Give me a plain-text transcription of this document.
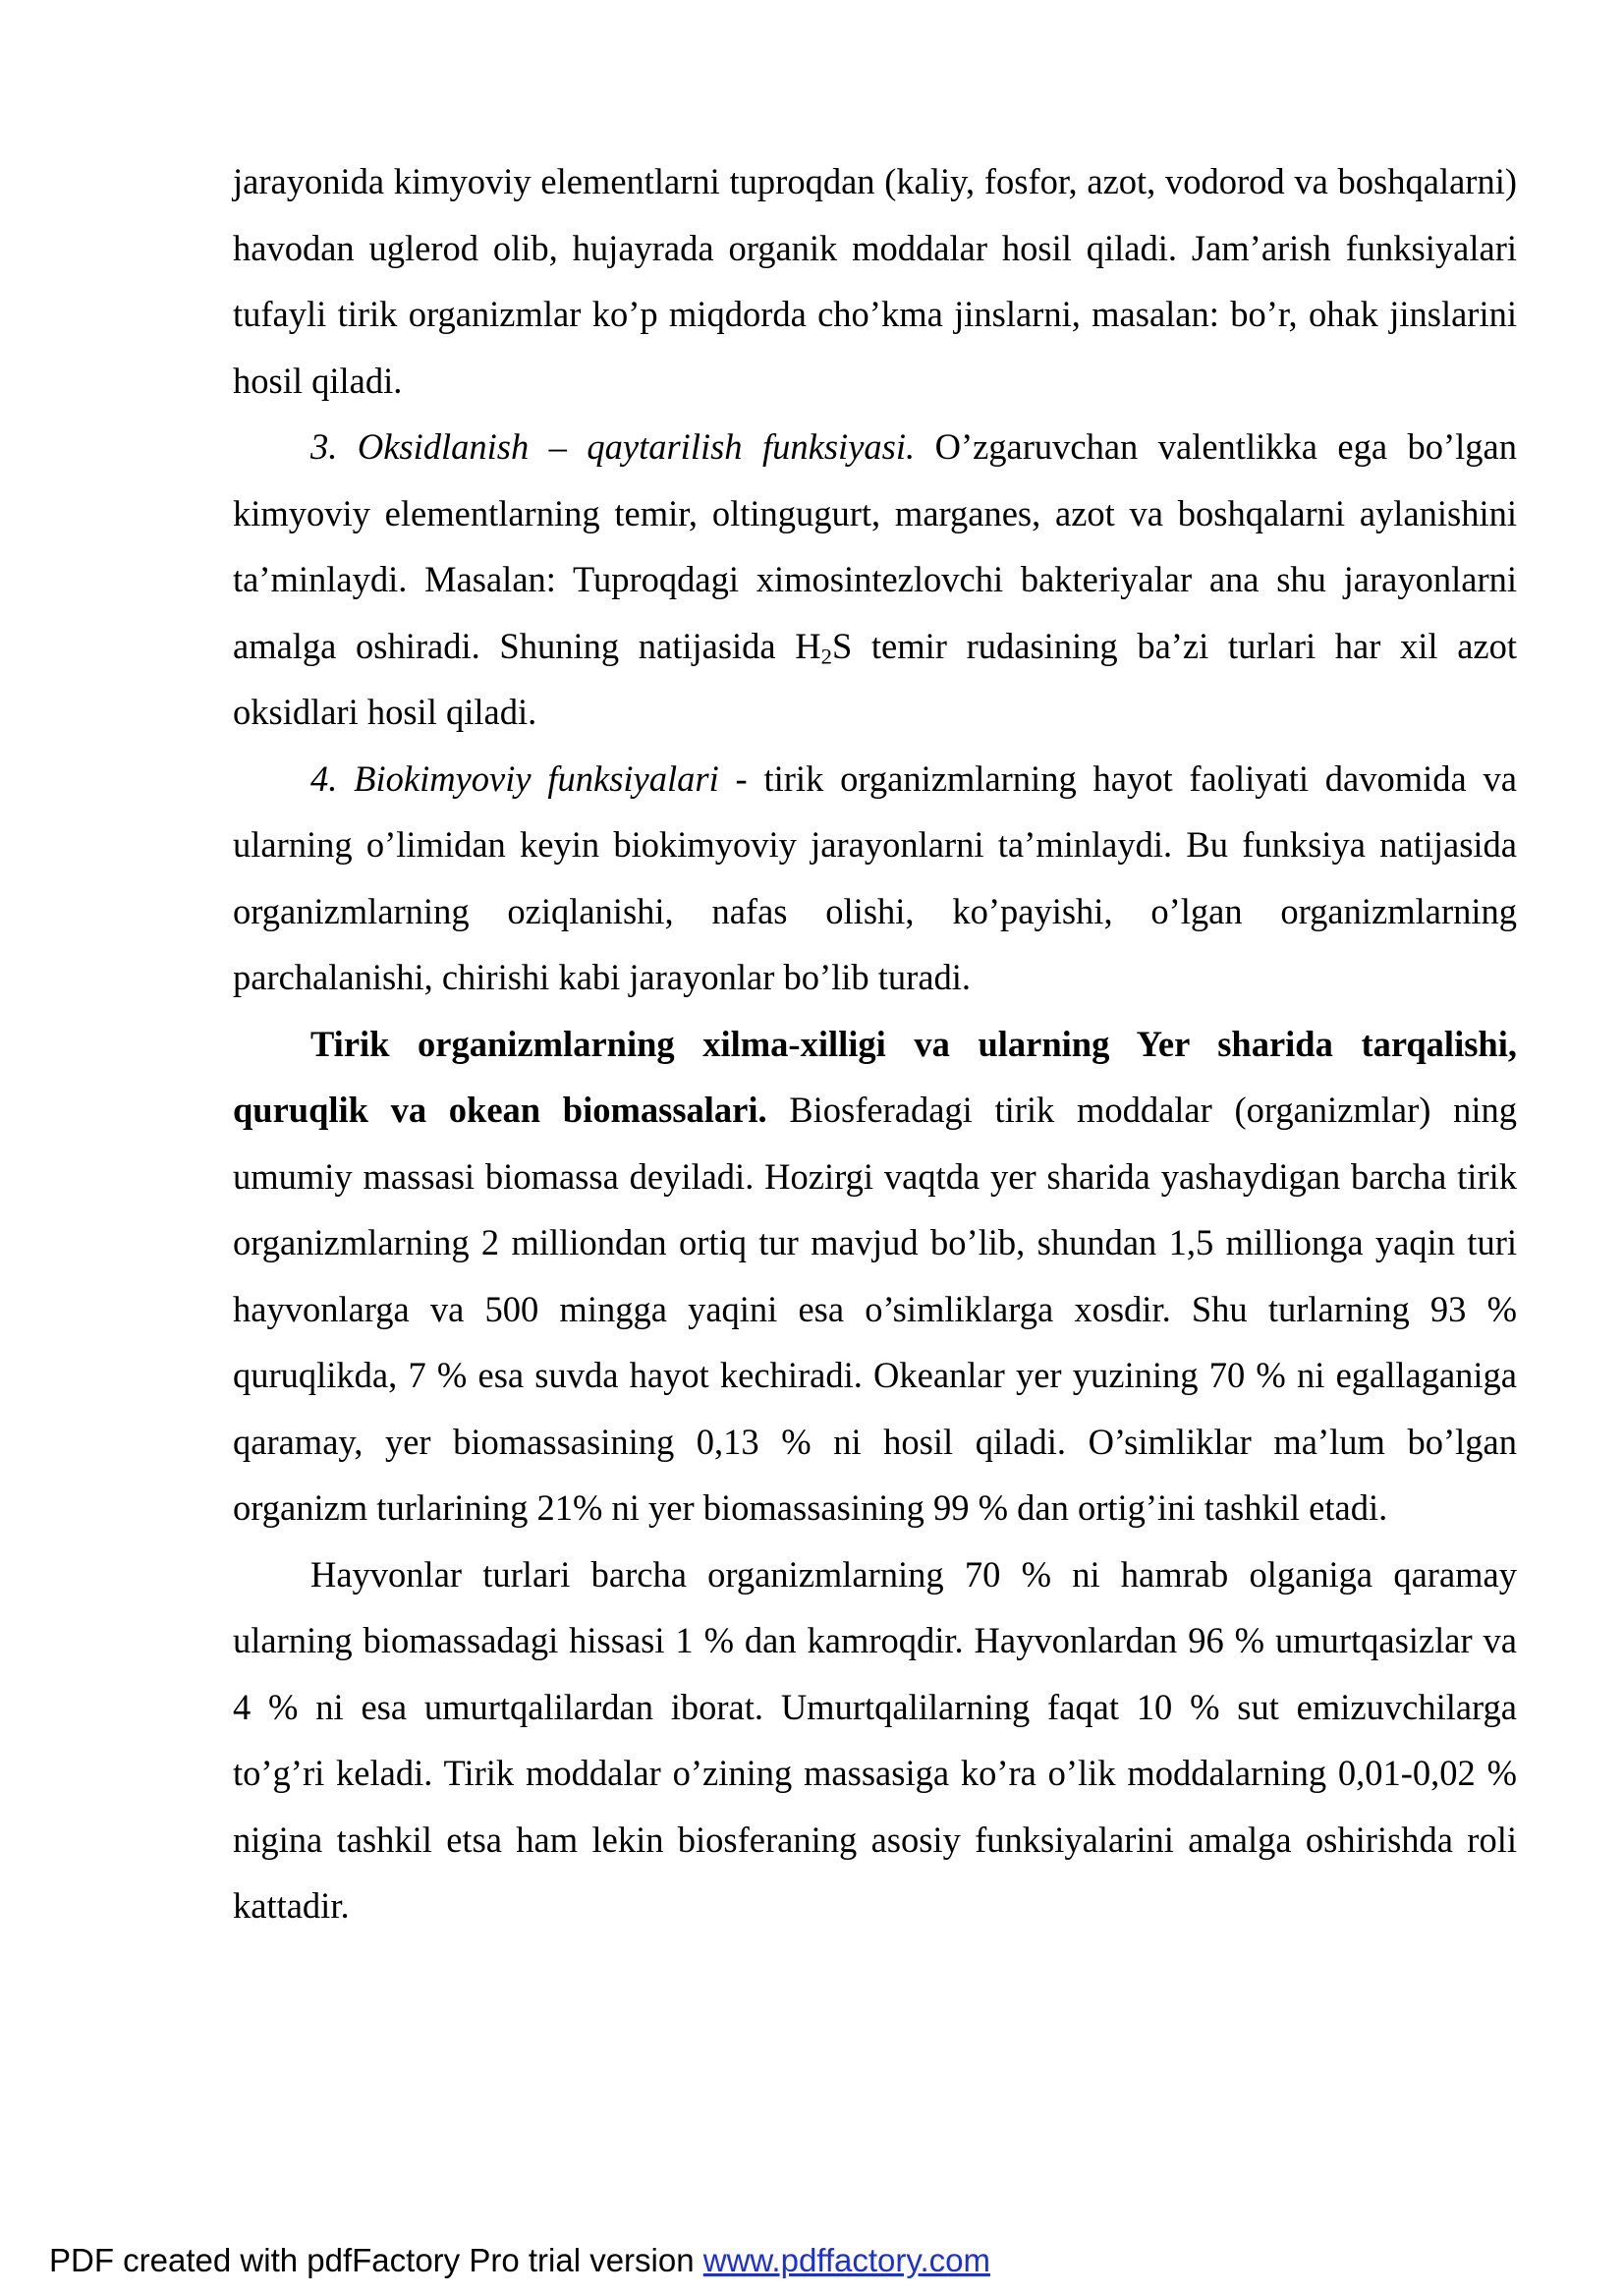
jarayonida kimyoviy elementlarni tuproqdan (kaliy, fosfor, azot, vodorod va boshqalarni) havodan uglerod olib, hujayrada organik moddalar hosil qiladi. Jam’arish funksiyalari tufayli tirik organizmlar ko’p miqdorda cho’kma jinslarni, masalan: bo’r, ohak jinslarini hosil qiladi.

3. Oksidlanish – qaytarilish funksiyasi. O’zgaruvchan valentlikka ega bo’lgan kimyoviy elementlarning temir, oltingugurt, marganes, azot va boshqalarni aylanishini ta’minlaydi. Masalan: Tuproqdagi ximosintezlovchi bakteriyalar ana shu jarayonlarni amalga oshiradi. Shuning natijasida $H_2S$ temir rudasining ba’zi turlari har xil azot oksidlari hosil qiladi.

4. Biokimyoviy funksiyalari - tirik organizmlarning hayot faoliyati davomida va ularning o’limidan keyin biokimyoviy jarayonlarni ta’minlaydi. Bu funksiya natijasida organizmlarning oziqlanishi, nafas olishi, ko’payishi, o’lgan organizmlarning parchalanishi, chirishi kabi jarayonlar bo’lib turadi.

Tirik organizmlarning xilma-xilligi va ularning Yer sharida tarqalishi, quruqlik va okean biomassalari. Biosferadagi tirik moddalar (organizmlar) ning umumiy massasi biomassa deyiladi. Hozirgi vaqtda yer sharida yashaydigan barcha tirik organizmlarning 2 milliondan ortiq tur mavjud bo’lib, shundan 1,5 millionga yaqin turi hayvonlarga va 500 mingga yaqini esa o’simliklarga xosdir. Shu turlarning 93 % quruqlikda, 7 % esa suvda hayot kechiradi. Okeanlar yer yuzining 70 % ni egallaganiga qaramay, yer biomassasining 0,13 % ni hosil qiladi. O’simliklar ma’lum bo’lgan organizm turlarining 21% ni yer biomassasining 99 % dan ortig’ini tashkil etadi.

Hayvonlar turlari barcha organizmlarning 70 % ni hamrab olganiga qaramay ularning biomassadagi hissasi 1 % dan kamroqdir. Hayvonlardan 96 % umurtqasizlar va 4 % ni esa umurtqalilardan iborat. Umurtqalilarning faqat 10 % sut emizuvchilarga to’g’ri keladi. Tirik moddalar o’zining massasiga ko’ra o’lik moddalarning 0,01-0,02 % nigina tashkil etsa ham lekin biosferaning asosiy funksiyalarini amalga oshirishda roli kattadir.

PDF created with pdfFactory Pro trial version www.pdffactory.com
